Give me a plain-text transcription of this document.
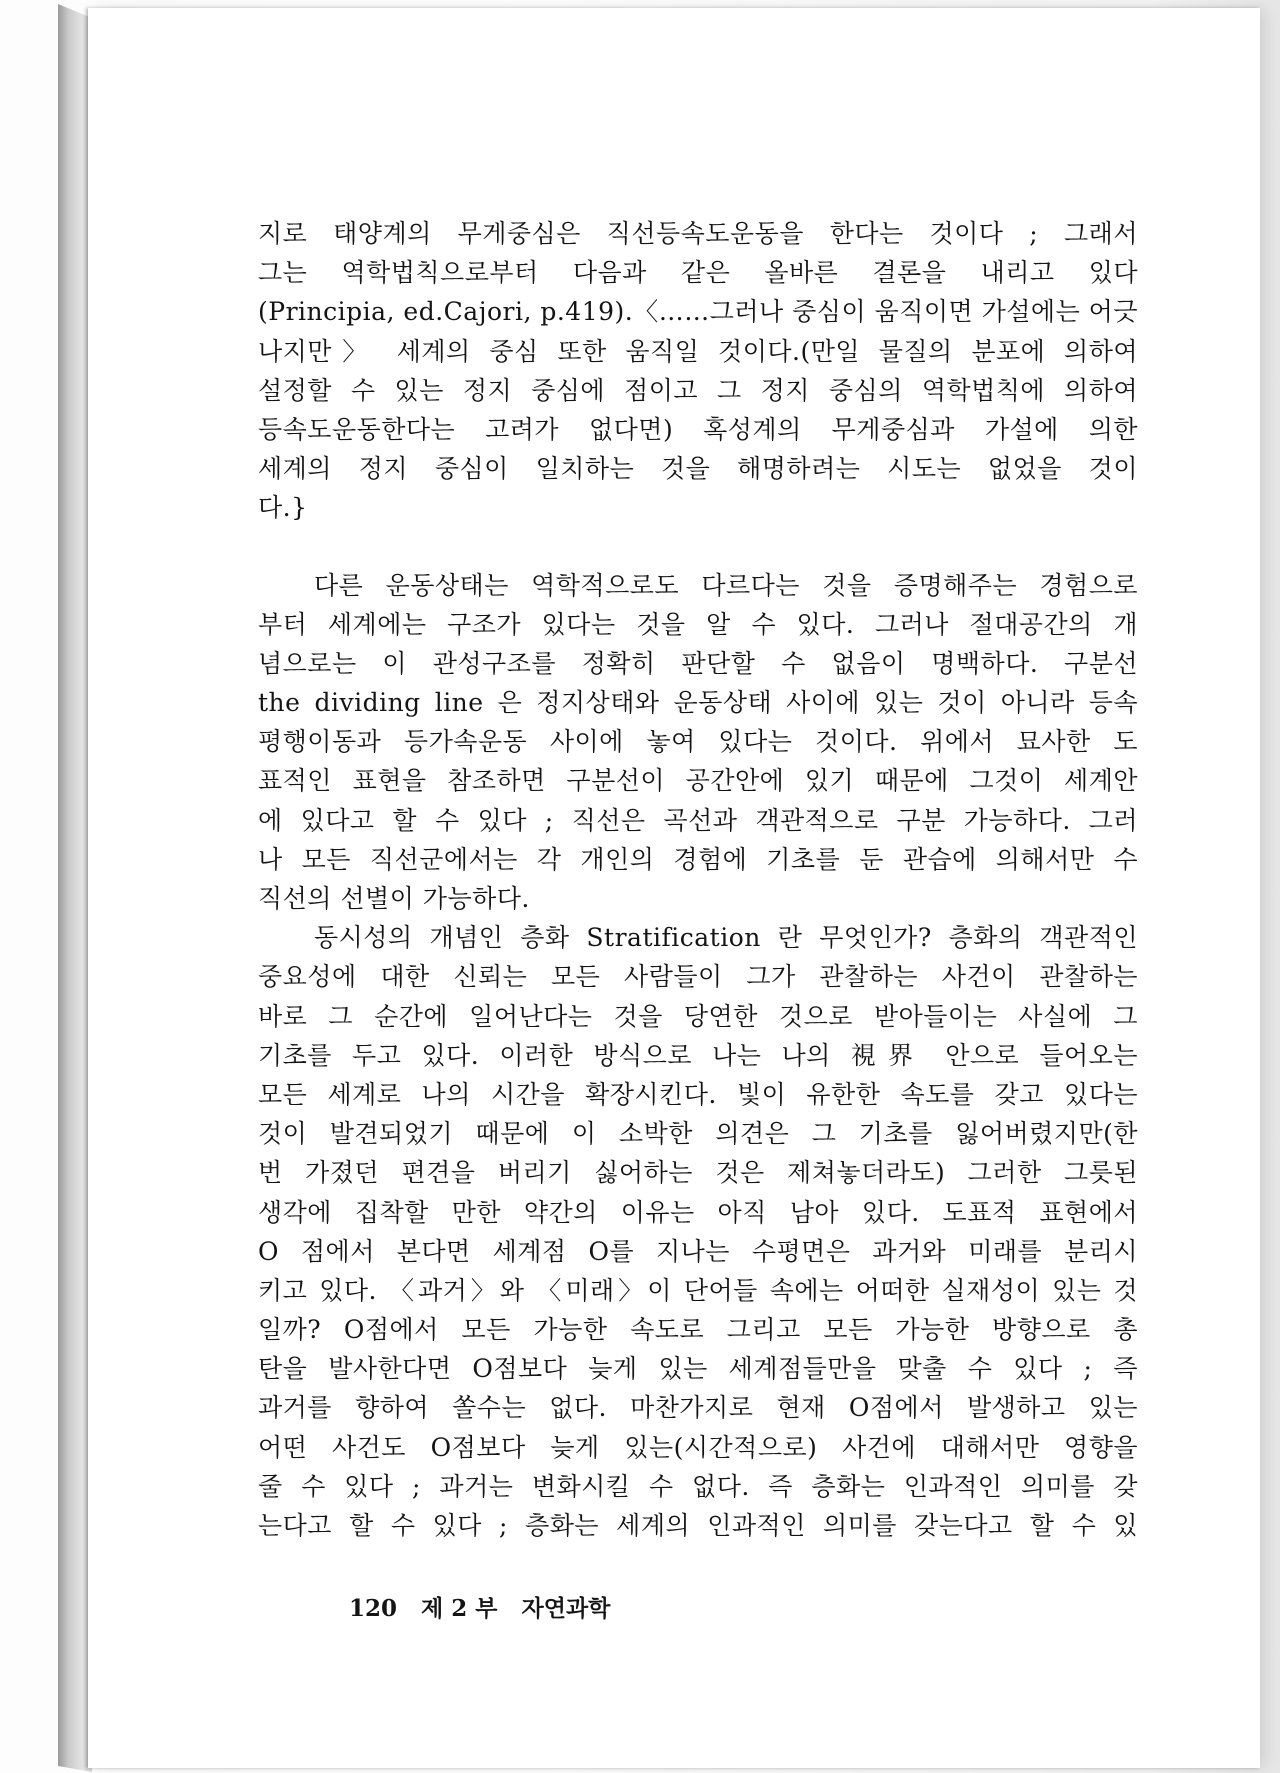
지로 태양계의 무게중심은 직선등속도운동을 한다는 것이다 ; 그래서
그는 역학법칙으로부터 다음과 같은 올바른 결론을 내리고 있다
(Principia, ed.Cajori, p.419).〈……그러나 중심이 움직이면 가설에는 어긋
나지만〉 세계의 중심 또한 움직일 것이다.(만일 물질의 분포에 의하여
설정할 수 있는 정지 중심에 점이고 그 정지 중심의 역학법칙에 의하여
등속도운동한다는 고려가 없다면) 혹성계의 무게중심과 가설에 의한
세계의 정지 중심이 일치하는 것을 해명하려는 시도는 없었을 것이
다.}
다른 운동상태는 역학적으로도 다르다는 것을 증명해주는 경험으로
부터 세계에는 구조가 있다는 것을 알 수 있다. 그러나 절대공간의 개
념으로는 이 관성구조를 정확히 판단할 수 없음이 명백하다. 구분선
the dividing line 은 정지상태와 운동상태 사이에 있는 것이 아니라 등속
평행이동과 등가속운동 사이에 놓여 있다는 것이다. 위에서 묘사한 도
표적인 표현을 참조하면 구분선이 공간안에 있기 때문에 그것이 세계안
에 있다고 할 수 있다 ; 직선은 곡선과 객관적으로 구분 가능하다. 그러
나 모든 직선군에서는 각 개인의 경험에 기초를 둔 관습에 의해서만 수
직선의 선별이 가능하다.
동시성의 개념인 층화 Stratification 란 무엇인가? 층화의 객관적인
중요성에 대한 신뢰는 모든 사람들이 그가 관찰하는 사건이 관찰하는
바로 그 순간에 일어난다는 것을 당연한 것으로 받아들이는 사실에 그
기초를 두고 있다. 이러한 방식으로 나는 나의 視界 안으로 들어오는
모든 세계로 나의 시간을 확장시킨다. 빛이 유한한 속도를 갖고 있다는
것이 발견되었기 때문에 이 소박한 의견은 그 기초를 잃어버렸지만(한
번 가졌던 편견을 버리기 싫어하는 것은 제쳐놓더라도) 그러한 그릇된
생각에 집착할 만한 약간의 이유는 아직 남아 있다. 도표적 표현에서
O 점에서 본다면 세계점 O를 지나는 수평면은 과거와 미래를 분리시
키고 있다. 〈과거〉와 〈미래〉이 단어들 속에는 어떠한 실재성이 있는 것
일까? O점에서 모든 가능한 속도로 그리고 모든 가능한 방향으로 총
탄을 발사한다면 O점보다 늦게 있는 세계점들만을 맞출 수 있다 ; 즉
과거를 향하여 쏠수는 없다. 마찬가지로 현재 O점에서 발생하고 있는
어떤 사건도 O점보다 늦게 있는(시간적으로) 사건에 대해서만 영향을
줄 수 있다 ; 과거는 변화시킬 수 없다. 즉 층화는 인과적인 의미를 갖
는다고 할 수 있다 ; 층화는 세계의 인과적인 의미를 갖는다고 할 수 있
120 제 2 부 자연과학
